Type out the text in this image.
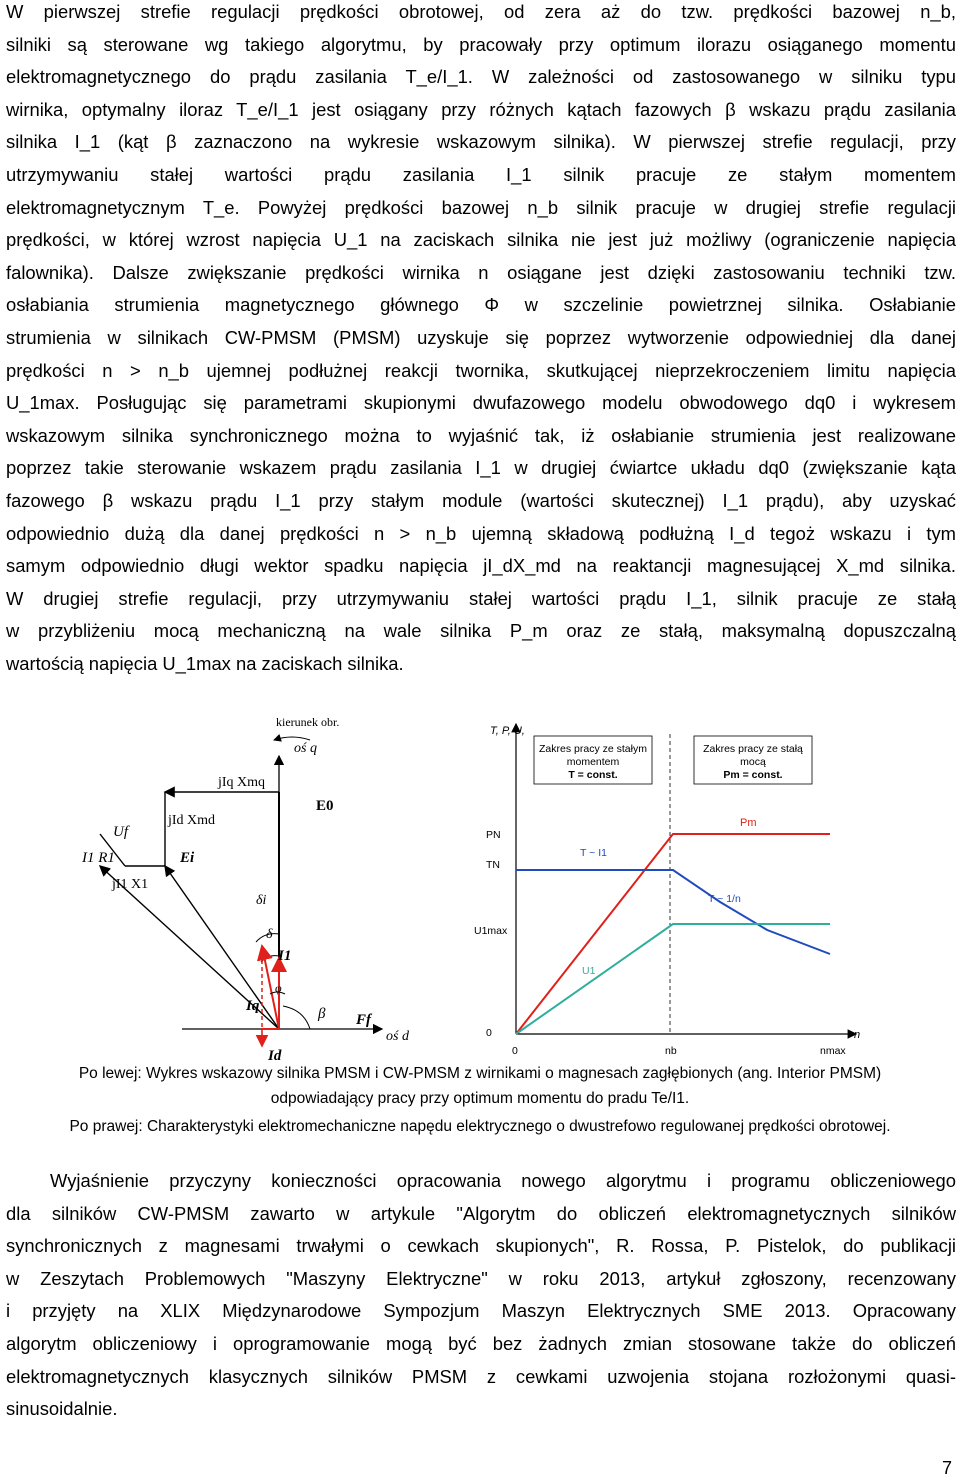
W pierwszej strefie regulacji prędkości obrotowej, od zera aż do tzw. prędkości bazowej n_b,
silniki są sterowane wg takiego algorytmu, by pracowały przy optimum ilorazu osiąganego momentu
elektromagnetycznego do prądu zasilania T_e/I_1. W zależności od zastosowanego w silniku typu
wirnika, optymalny iloraz T_e/I_1 jest osiągany przy różnych kątach fazowych β wskazu prądu zasilania
silnika I_1 (kąt β zaznaczono na wykresie wskazowym silnika). W pierwszej strefie regulacji, przy
utrzymywaniu stałej wartości prądu zasilania I_1 silnik pracuje ze stałym momentem
elektromagnetycznym T_e. Powyżej prędkości bazowej n_b silnik pracuje w drugiej strefie regulacji
prędkości, w której wzrost napięcia U_1 na zaciskach silnika nie jest już możliwy (ograniczenie napięcia
falownika). Dalsze zwiększanie prędkości wirnika n osiągane jest dzięki zastosowaniu techniki tzw.
osłabiania strumienia magnetycznego głównego Φ w szczelinie powietrznej silnika. Osłabianie
strumienia w silnikach CW-PMSM (PMSM) uzyskuje się poprzez wytworzenie odpowiedniej dla danej
prędkości n > n_b ujemnej podłużnej reakcji twornika, skutkującej nieprzekroczeniem limitu napięcia
U_1max. Posługując się parametrami skupionymi dwufazowego modelu obwodowego dq0 i wykresem
wskazowym silnika synchronicznego można to wyjaśnić tak, iż osłabianie strumienia jest realizowane
poprzez takie sterowanie wskazem prądu zasilania I_1 w drugiej ćwiartce układu dq0 (zwiększanie kąta
fazowego β wskazu prądu I_1 przy stałym module (wartości skutecznej) I_1 prądu), aby uzyskać
odpowiednio dużą dla danej prędkości n > n_b ujemną składową podłużną I_d tegoż wskazu i tym
samym odpowiednio długi wektor spadku napięcia jI_dX_md na reaktancji magnesującej X_md silnika.
W drugiej strefie regulacji, przy utrzymywaniu stałej wartości prądu I_1, silnik pracuje ze stałą
w przybliżeniu mocą mechaniczną na wale silnika P_m oraz ze stałą, maksymalną dopuszczalną
wartością napięcia U_1max na zaciskach silnika.
kierunek obr.
oś q
E0
jIq Xmq
jId Xmd
Uf
I1 R1
jI1 X1
Ei
δi
δ
I1
Iq
Id
φ
β Ff
oś d
Zakres pracy ze stałym
momentem
T = const.
Zakres pracy ze stałą
mocą
Pm = const.
T, P, U,
n
PN
TN
U1max
0
0	nb	nmax
Pm
T ~ I1
T ~ 1/n
U1
Po lewej: Wykres wskazowy silnika PMSM i CW-PMSM z wirnikami o magnesach zagłębionych (ang. Interior PMSM)
odpowiadający pracy przy optimum momentu do pradu Te/I1.
Po prawej: Charakterystyki elektromechaniczne napędu elektrycznego o dwustrefowo regulowanej prędkości obrotowej.
Wyjaśnienie przyczyny konieczności opracowania nowego algorytmu i programu obliczeniowego
dla silników CW-PMSM zawarto w artykule "Algorytm do obliczeń elektromagnetycznych silników
synchronicznych z magnesami trwałymi o cewkach skupionych", R. Rossa, P. Pistelok, do publikacji
w Zeszytach Problemowych "Maszyny Elektryczne" w roku 2013, artykuł zgłoszony, recenzowany
i przyjęty na XLIX Międzynarodowe Sympozjum Maszyn Elektrycznych SME 2013. Opracowany
algorytm obliczeniowy i oprogramowanie mogą być bez żadnych zmian stosowane także do obliczeń
elektromagnetycznych klasycznych silników PMSM z cewkami uzwojenia stojana rozłożonymi quasi-
sinusoidalnie.
7
